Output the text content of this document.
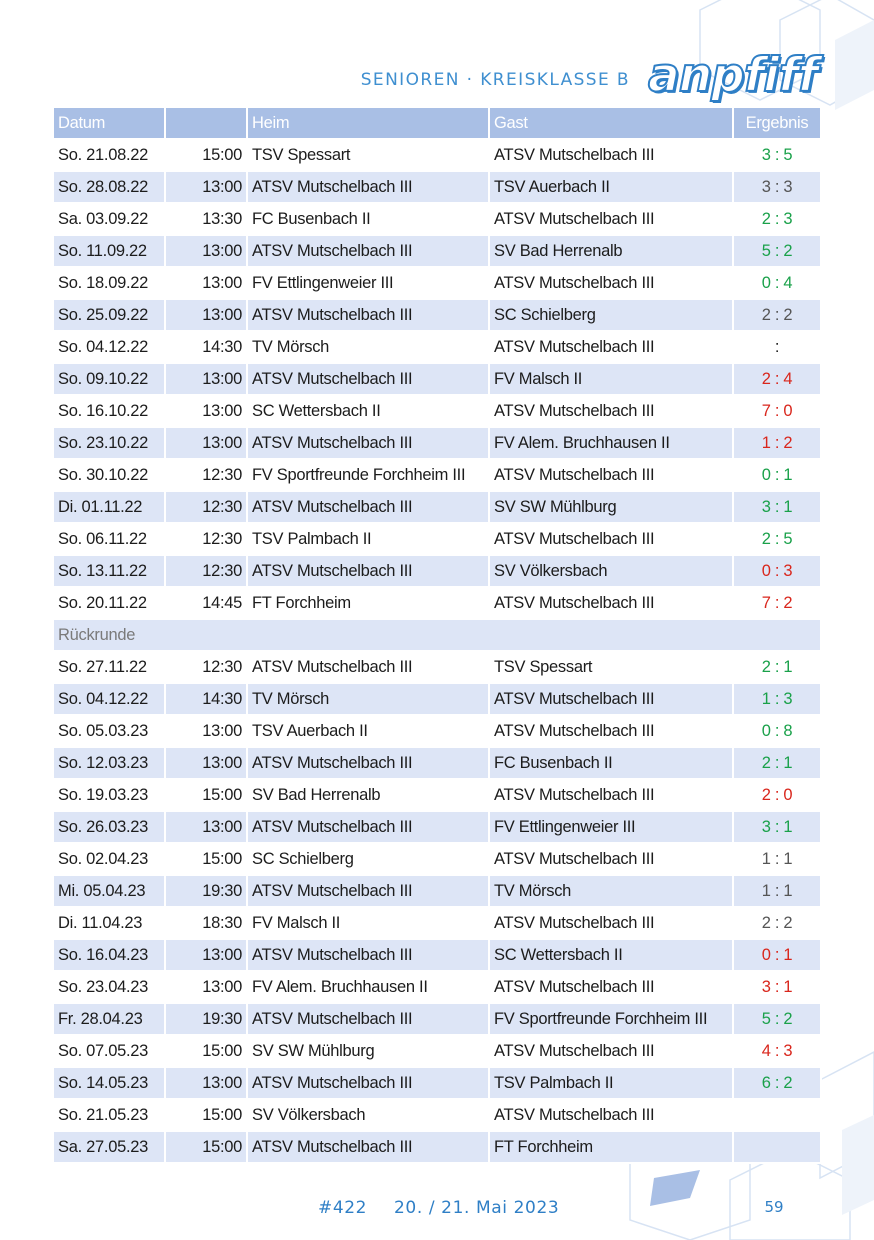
SENIOREN · KREISKLASSE B anpfiff
Datum		Heim	Gast	Ergebnis
So. 21.08.22	15:00	TSV Spessart	ATSV Mutschelbach III	3 : 5
So. 28.08.22	13:00	ATSV Mutschelbach III	TSV Auerbach II	3 : 3
Sa. 03.09.22	13:30	FC Busenbach II	ATSV Mutschelbach III	2 : 3
So. 11.09.22	13:00	ATSV Mutschelbach III	SV Bad Herrenalb	5 : 2
So. 18.09.22	13:00	FV Ettlingenweier III	ATSV Mutschelbach III	0 : 4
So. 25.09.22	13:00	ATSV Mutschelbach III	SC Schielberg	2 : 2
So. 04.12.22	14:30	TV Mörsch	ATSV Mutschelbach III	:
So. 09.10.22	13:00	ATSV Mutschelbach III	FV Malsch II	2 : 4
So. 16.10.22	13:00	SC Wettersbach II	ATSV Mutschelbach III	7 : 0
So. 23.10.22	13:00	ATSV Mutschelbach III	FV Alem. Bruchhausen II	1 : 2
So. 30.10.22	12:30	FV Sportfreunde Forchheim III	ATSV Mutschelbach III	0 : 1
Di. 01.11.22	12:30	ATSV Mutschelbach III	SV SW Mühlburg	3 : 1
So. 06.11.22	12:30	TSV Palmbach II	ATSV Mutschelbach III	2 : 5
So. 13.11.22	12:30	ATSV Mutschelbach III	SV Völkersbach	0 : 3
So. 20.11.22	14:45	FT Forchheim	ATSV Mutschelbach III	7 : 2
Rückrunde				
So. 27.11.22	12:30	ATSV Mutschelbach III	TSV Spessart	2 : 1
So. 04.12.22	14:30	TV Mörsch	ATSV Mutschelbach III	1 : 3
So. 05.03.23	13:00	TSV Auerbach II	ATSV Mutschelbach III	0 : 8
So. 12.03.23	13:00	ATSV Mutschelbach III	FC Busenbach II	2 : 1
So. 19.03.23	15:00	SV Bad Herrenalb	ATSV Mutschelbach III	2 : 0
So. 26.03.23	13:00	ATSV Mutschelbach III	FV Ettlingenweier III	3 : 1
So. 02.04.23	15:00	SC Schielberg	ATSV Mutschelbach III	1 : 1
Mi. 05.04.23	19:30	ATSV Mutschelbach III	TV Mörsch	1 : 1
Di. 11.04.23	18:30	FV Malsch II	ATSV Mutschelbach III	2 : 2
So. 16.04.23	13:00	ATSV Mutschelbach III	SC Wettersbach II	0 : 1
So. 23.04.23	13:00	FV Alem. Bruchhausen II	ATSV Mutschelbach III	3 : 1
Fr. 28.04.23	19:30	ATSV Mutschelbach III	FV Sportfreunde Forchheim III	5 : 2
So. 07.05.23	15:00	SV SW Mühlburg	ATSV Mutschelbach III	4 : 3
So. 14.05.23	13:00	ATSV Mutschelbach III	TSV Palmbach II	6 : 2
So. 21.05.23	15:00	SV Völkersbach	ATSV Mutschelbach III	
Sa. 27.05.23	15:00	ATSV Mutschelbach III	FT Forchheim	
#422 20. / 21. Mai 2023	59
